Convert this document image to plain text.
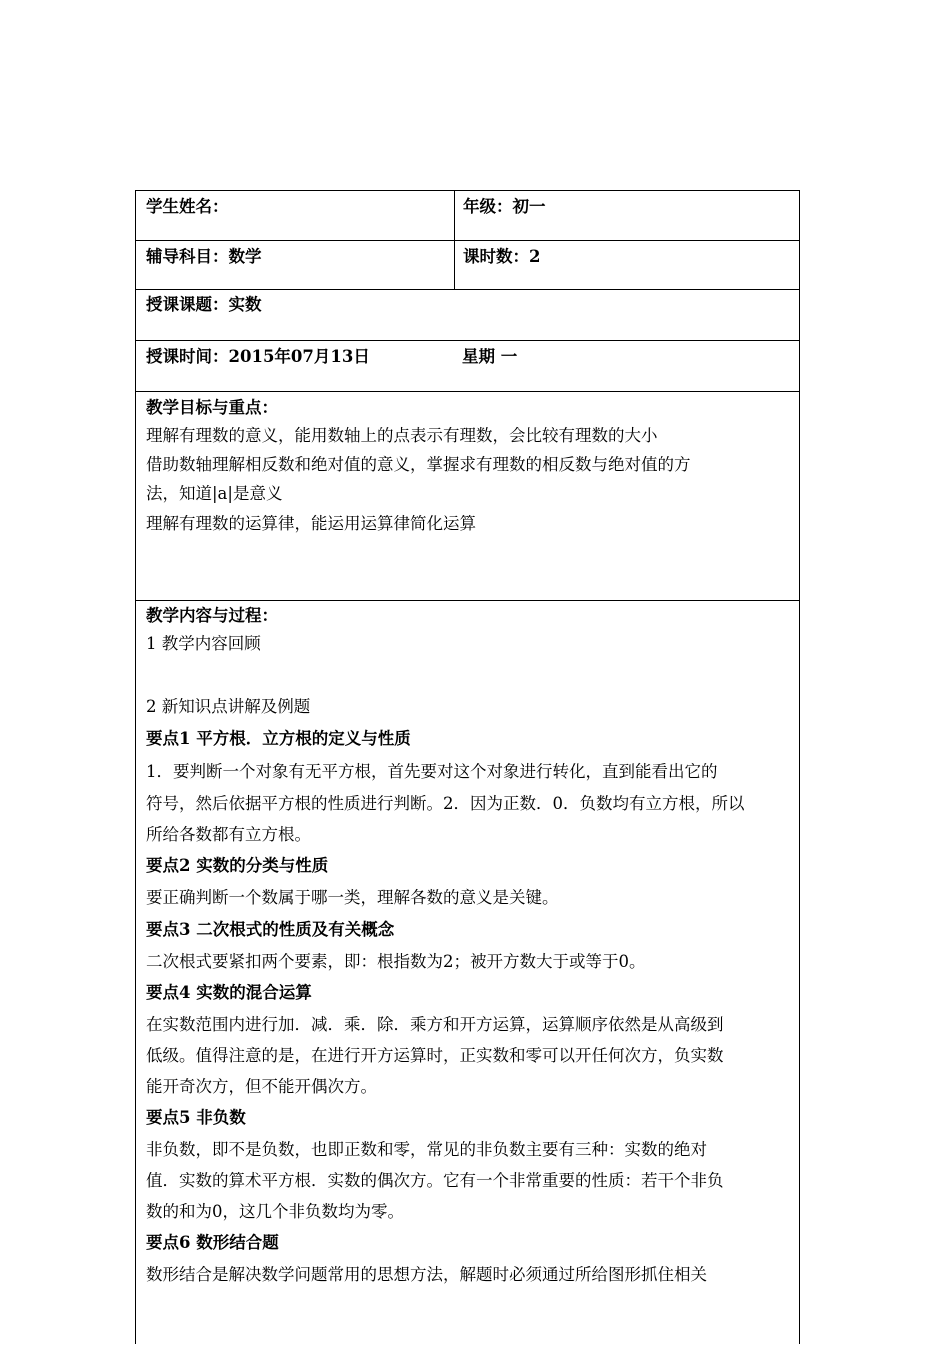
学生姓名：	年级：初一
辅导科目：数学	课时数：2
授课课题：实数
授课时间：2015年07月13日	星期 一
教学目标与重点：
理解有理数的意义，能用数轴上的点表示有理数，会比较有理数的大小
借助数轴理解相反数和绝对值的意义，掌握求有理数的相反数与绝对值的方
法，知道|a|是意义
理解有理数的运算律，能运用运算律简化运算
教学内容与过程：
1 教学内容回顾
2 新知识点讲解及例题
要点1 平方根．立方根的定义与性质
1．要判断一个对象有无平方根，首先要对这个对象进行转化，直到能看出它的
符号，然后依据平方根的性质进行判断。2．因为正数．0．负数均有立方根，所以
所给各数都有立方根。
要点2 实数的分类与性质
要正确判断一个数属于哪一类，理解各数的意义是关键。
要点3 二次根式的性质及有关概念
二次根式要紧扣两个要素，即：根指数为2；被开方数大于或等于0。
要点4 实数的混合运算
在实数范围内进行加．减．乘．除．乘方和开方运算，运算顺序依然是从高级到
低级。值得注意的是，在进行开方运算时，正实数和零可以开任何次方，负实数
能开奇次方，但不能开偶次方。
要点5 非负数
非负数，即不是负数，也即正数和零，常见的非负数主要有三种：实数的绝对
值．实数的算术平方根．实数的偶次方。它有一个非常重要的性质：若干个非负
数的和为0，这几个非负数均为零。
要点6 数形结合题
数形结合是解决数学问题常用的思想方法，解题时必须通过所给图形抓住相关
